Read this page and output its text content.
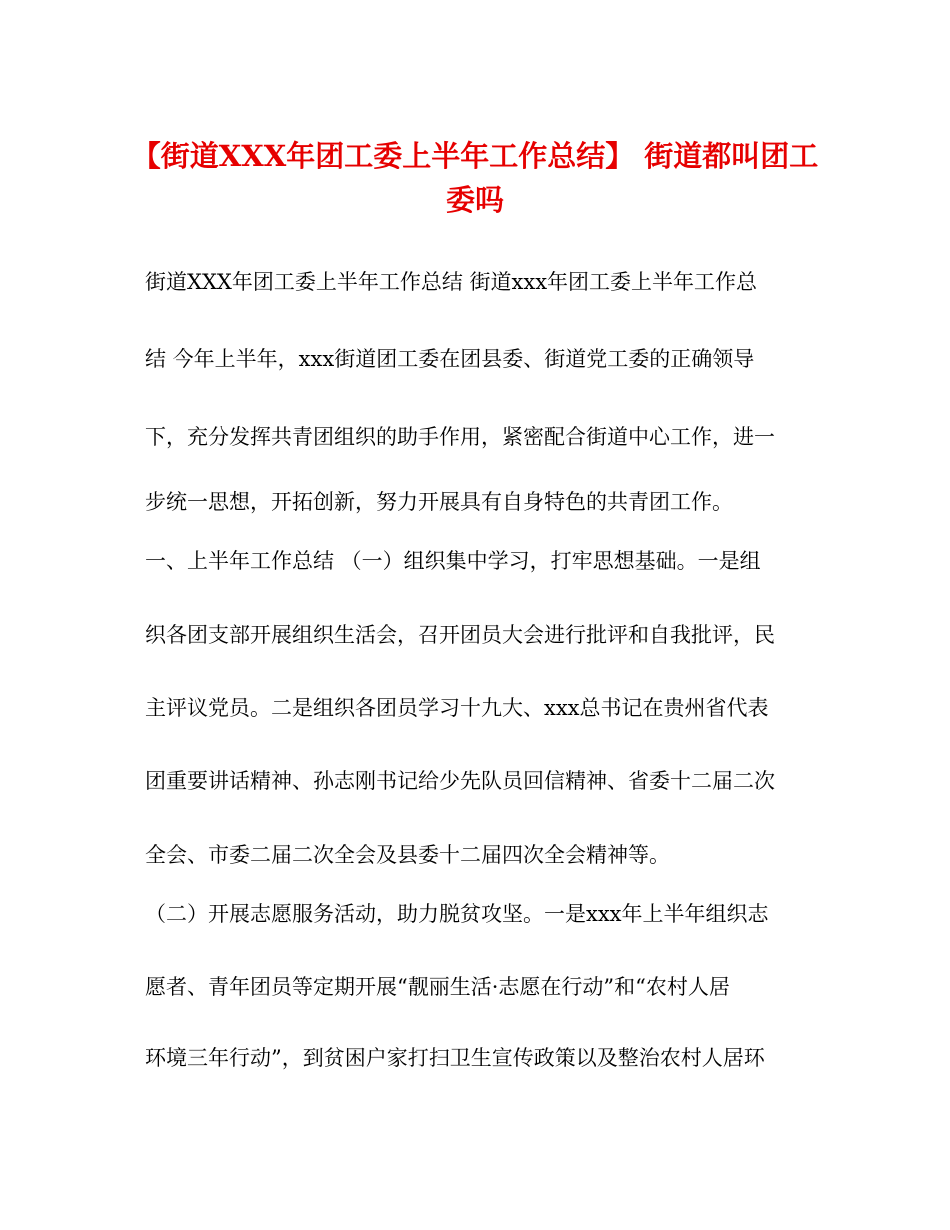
【街道XXX年团工委上半年工作总结】 街道都叫团工
委吗
街道XXX年团工委上半年工作总结 街道xxx年团工委上半年工作总
结 今年上半年，xxx街道团工委在团县委、街道党工委的正确领导
下，充分发挥共青团组织的助手作用，紧密配合街道中心工作，进一
步统一思想，开拓创新，努力开展具有自身特色的共青团工作。
一、上半年工作总结 （一）组织集中学习，打牢思想基础。一是组
织各团支部开展组织生活会，召开团员大会进行批评和自我批评，民
主评议党员。二是组织各团员学习十九大、xxx总书记在贵州省代表
团重要讲话精神、孙志刚书记给少先队员回信精神、省委十二届二次
全会、市委二届二次全会及县委十二届四次全会精神等。
（二）开展志愿服务活动，助力脱贫攻坚。一是xxx年上半年组织志
愿者、青年团员等定期开展“靓丽生活·志愿在行动”和“农村人居
环境三年行动”，到贫困户家打扫卫生宣传政策以及整治农村人居环
